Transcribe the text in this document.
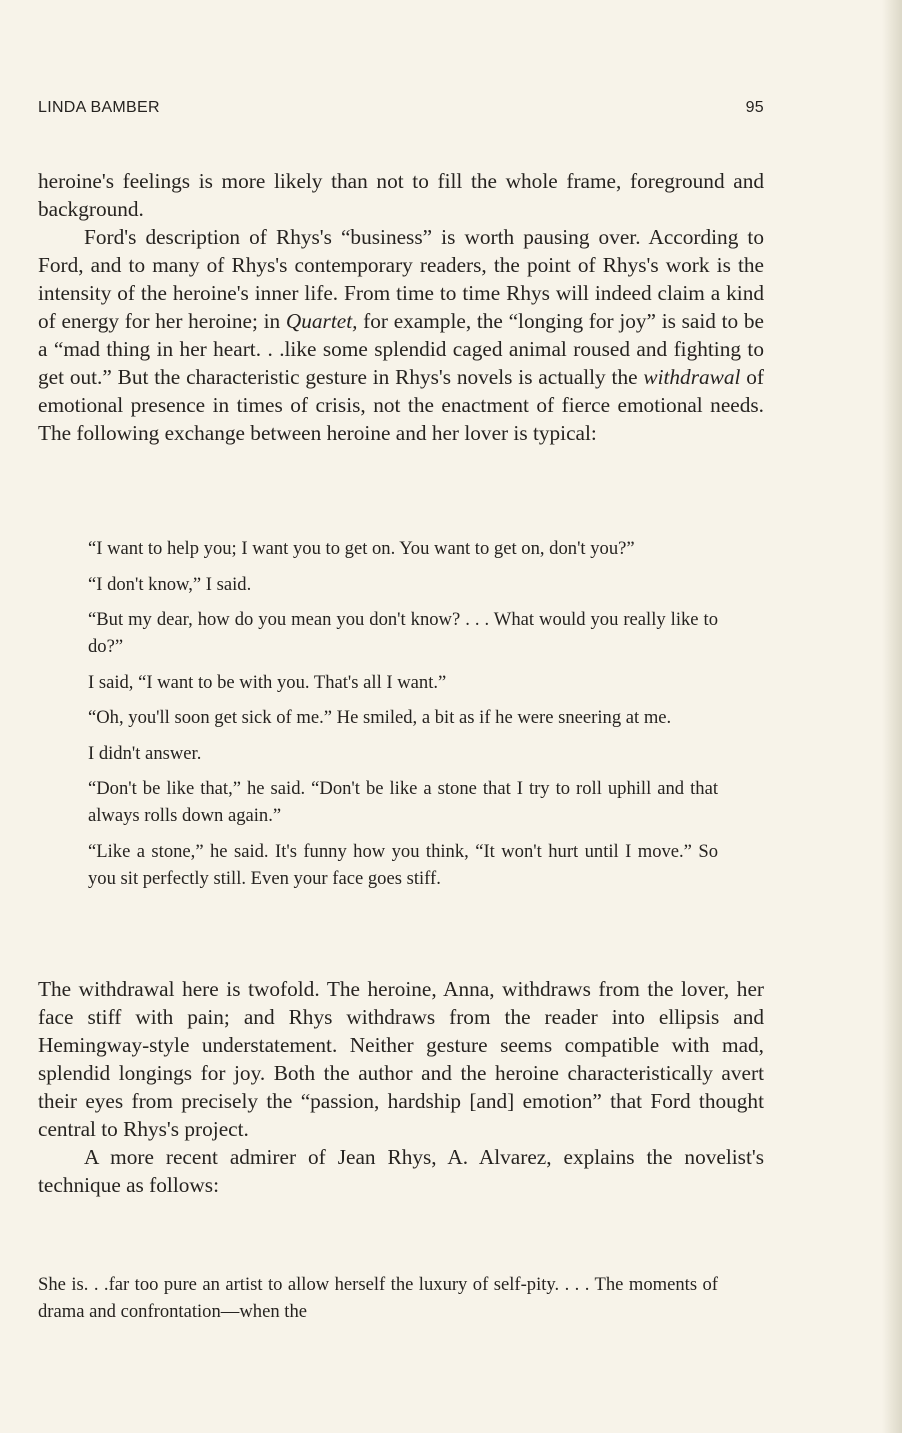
LINDA BAMBER	95

heroine's feelings is more likely than not to fill the whole frame, foreground and background.

Ford's description of Rhys's “business” is worth pausing over. According to Ford, and to many of Rhys's contemporary readers, the point of Rhys's work is the intensity of the heroine's inner life. From time to time Rhys will indeed claim a kind of energy for her heroine; in Quartet, for example, the “longing for joy” is said to be a “mad thing in her heart. . .like some splendid caged animal roused and fighting to get out.” But the characteristic gesture in Rhys's novels is actually the withdrawal of emotional presence in times of crisis, not the enactment of fierce emotional needs. The following exchange between heroine and her lover is typical:

“I want to help you; I want you to get on. You want to get on, don't you?”

“I don't know,” I said.

“But my dear, how do you mean you don't know? . . . What would you really like to do?”

I said, “I want to be with you. That's all I want.”

“Oh, you'll soon get sick of me.” He smiled, a bit as if he were sneering at me.

I didn't answer.

“Don't be like that,” he said. “Don't be like a stone that I try to roll uphill and that always rolls down again.”

“Like a stone,” he said. It's funny how you think, “It won't hurt until I move.” So you sit perfectly still. Even your face goes stiff.

The withdrawal here is twofold. The heroine, Anna, withdraws from the lover, her face stiff with pain; and Rhys withdraws from the reader into ellipsis and Hemingway-style understatement. Neither gesture seems compatible with mad, splendid longings for joy. Both the author and the heroine characteristically avert their eyes from precisely the “passion, hardship [and] emotion” that Ford thought central to Rhys's project.

A more recent admirer of Jean Rhys, A. Alvarez, explains the novelist's technique as follows:

She is. . .far too pure an artist to allow herself the luxury of self-pity. . . . The moments of drama and confrontation—when the
